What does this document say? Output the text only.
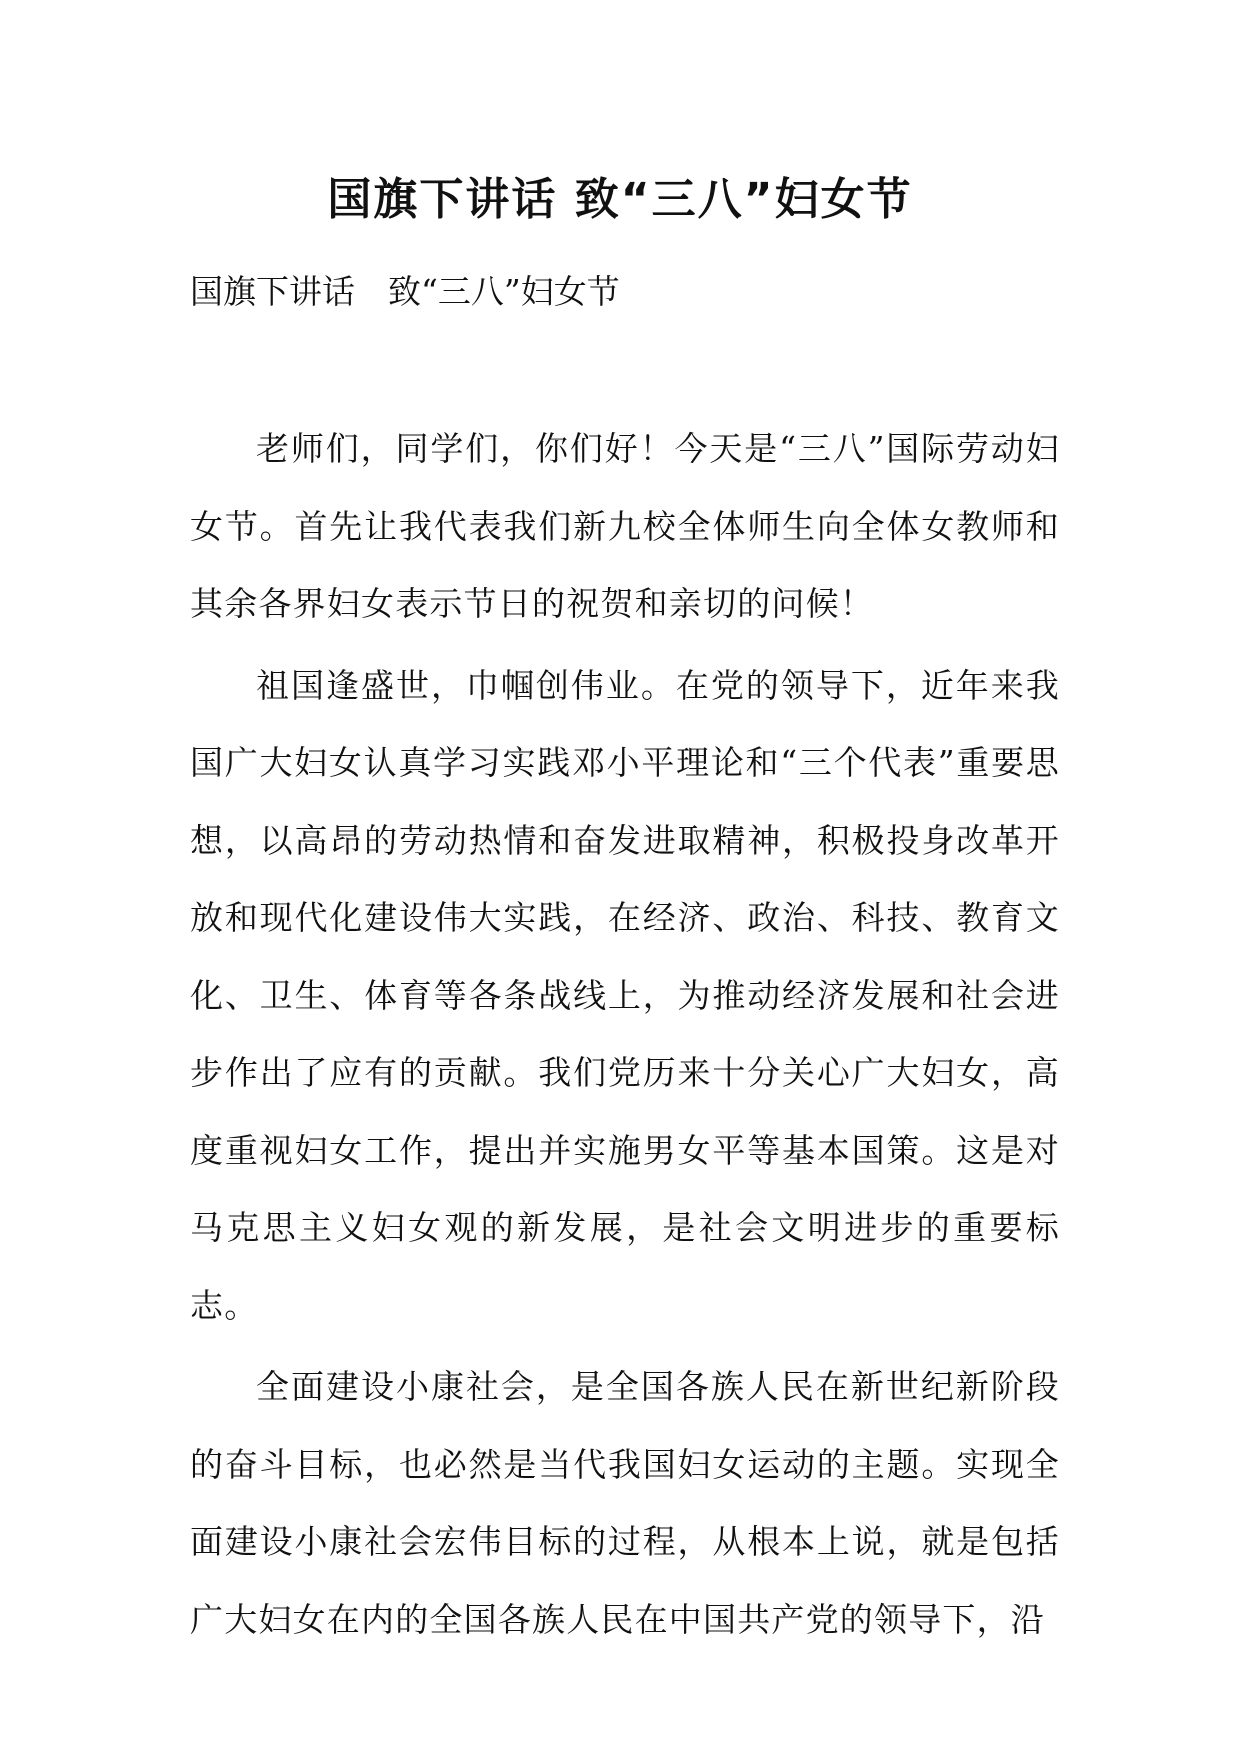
国旗下讲话 致“三八”妇女节

国旗下讲话　致“三八”妇女节

老师们，同学们，你们好！今天是“三八”国际劳动妇女节。首先让我代表我们新九校全体师生向全体女教师和其余各界妇女表示节日的祝贺和亲切的问候！

祖国逢盛世，巾帼创伟业。在党的领导下，近年来我国广大妇女认真学习实践邓小平理论和“三个代表”重要思想，以高昂的劳动热情和奋发进取精神，积极投身改革开放和现代化建设伟大实践，在经济、政治、科技、教育文化、卫生、体育等各条战线上，为推动经济发展和社会进步作出了应有的贡献。我们党历来十分关心广大妇女，高度重视妇女工作，提出并实施男女平等基本国策。这是对马克思主义妇女观的新发展，是社会文明进步的重要标志。

全面建设小康社会，是全国各族人民在新世纪新阶段的奋斗目标，也必然是当代我国妇女运动的主题。实现全面建设小康社会宏伟目标的过程，从根本上说，就是包括广大妇女在内的全国各族人民在中国共产党的领导下，沿
